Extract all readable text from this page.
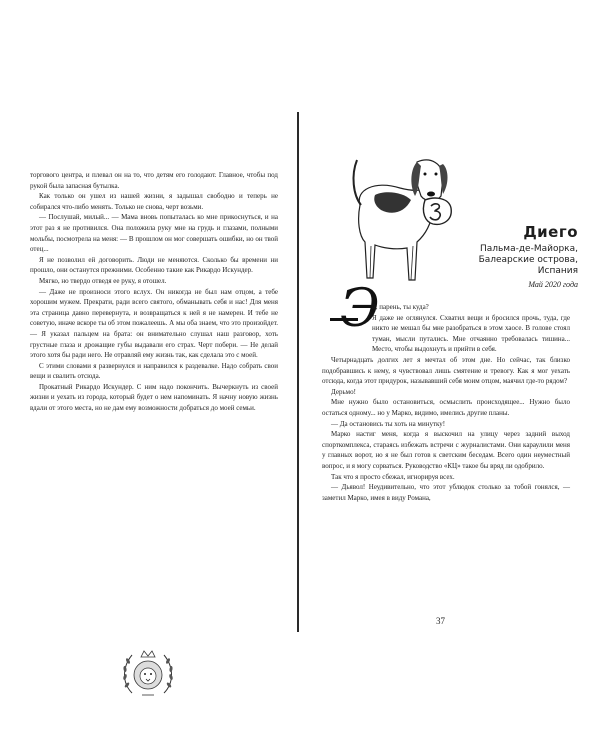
торгового центра, и плевал он на то, что детям его голодают. Главное, чтобы под рукой была запасная бутылка.

Как только он ушел из нашей жизни, я задышал свободно и теперь не собирался что-либо менять. Только не снова, черт возьми.

— Послушай, милый... — Мама вновь попыталась ко мне прикоснуться, и на этот раз я не противился. Она положила руку мне на грудь и глазами, полными мольбы, посмотрела на меня: — В прошлом он мог совершать ошибки, но он твой отец...

Я не позволил ей договорить. Люди не меняются. Сколько бы времени ни прошло, они останутся прежними. Особенно такие как Рикардо Искундер.

Мягко, но твердо отведя ее руку, я отошел.

— Даже не произноси этого вслух. Он никогда не был нам отцом, а тебе хорошим мужем. Прекрати, ради всего святого, обманывать себя и нас! Для меня эта страница давно перевернута, и возвращаться к ней я не намерен. И тебе не советую, иначе вскоре ты об этом пожалеешь. А мы оба знаем, что это произойдет. — Я указал пальцем на брата: он внимательно слушал наш разговор, хоть грустные глаза и дрожащие губы выдавали его страх. Черт побери. — Не делай этого хотя бы ради него. Не отравляй ему жизнь так, как сделала это с моей.

С этими словами я развернулся и направился к раздевалке. Надо собрать свои вещи и свалить отсюда.

Прокатный Рикардо Искундер. С ним надо покончить. Вычеркнуть из своей жизни и уехать из города, который будет о нем напоминать. Я начну новую жизнь вдали от этого места, но не дам ему возможности добраться до моей семьи.

Диего

Пальма-де-Майорка,

Балеарские острова,

Испания

Май 2020 года
Э

й, парень, ты куда?

Я даже не оглянулся. Схватил вещи и бросился прочь, туда, где никто не мешал бы мне разобраться в этом хаосе. В голове стоял туман, мысли путались. Мне отчаянно требовалась тишина... Место, чтобы выдохнуть и прийти в себя.

Четырнадцать долгих лет я мечтал об этом дне. Но сейчас, так близко подобравшись к нему, я чувствовал лишь смятение и тревогу. Как я мог уехать отсюда, когда этот придурок, называвший себя моим отцом, маячил где-то рядом?

Дерьмо!

Мне нужно было остановиться, осмыслить происходящее... Нужно было остаться одному... но у Марко, видимо, имелись другие планы.

— Да остановись ты хоть на минутку!

Марко настиг меня, когда я выскочил на улицу через задний выход спорткомплекса, стараясь избежать встречи с журналистами. Они караулили меня у главных ворот, но я не был готов к светским беседам. Всего один неуместный вопрос, и я могу сорваться. Руководство «КЦ» такое бы вряд ли одобрило.

Так что я просто сбежал, игнорируя всех.

— Дьявол! Неудивительно, что этот ублюдок столько за тобой гонялся, — заметил Марко, имея в виду Романа,

37
